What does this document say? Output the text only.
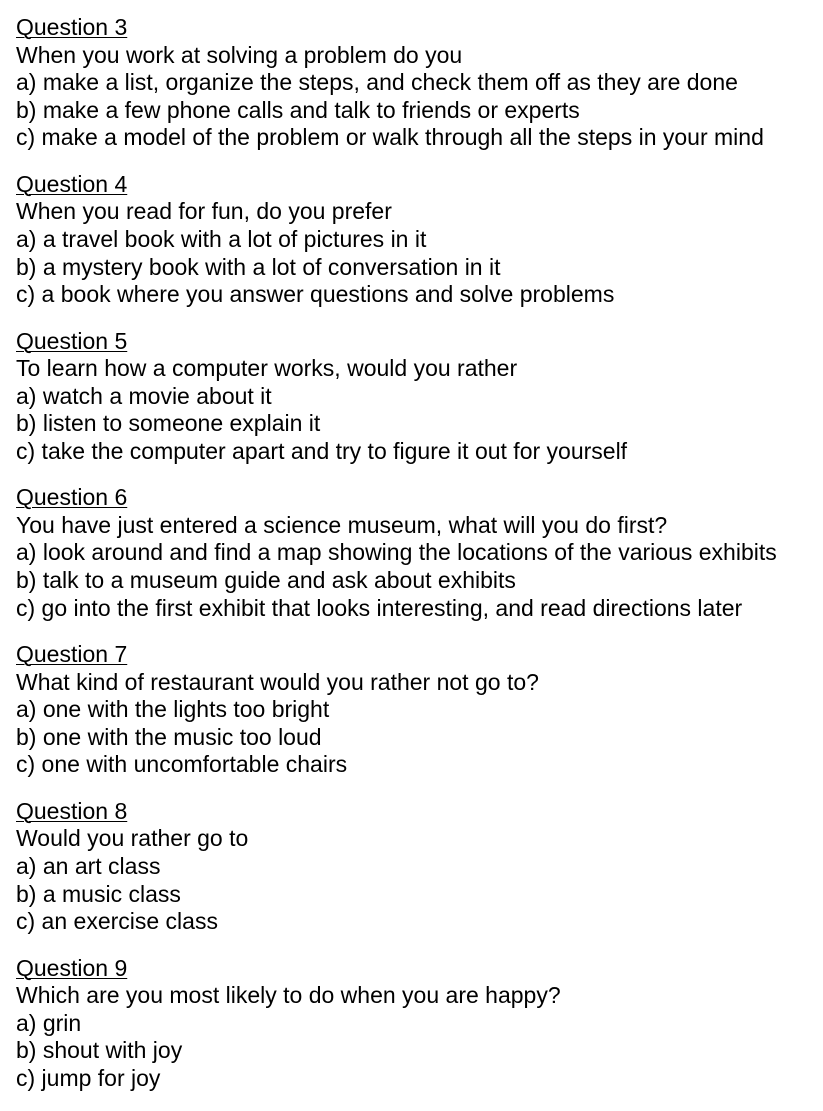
Question 3
When you work at solving a problem do you
a) make a list, organize the steps, and check them off as they are done
b) make a few phone calls and talk to friends or experts
c) make a model of the problem or walk through all the steps in your mind
Question 4
When you read for fun, do you prefer
a) a travel book with a lot of pictures in it
b) a mystery book with a lot of conversation in it
c) a book where you answer questions and solve problems
Question 5
To learn how a computer works, would you rather
a) watch a movie about it
b) listen to someone explain it
c) take the computer apart and try to figure it out for yourself
Question 6
You have just entered a science museum, what will you do first?
a) look around and find a map showing the locations of the various exhibits
b) talk to a museum guide and ask about exhibits
c) go into the first exhibit that looks interesting, and read directions later
Question 7
What kind of restaurant would you rather not go to?
a) one with the lights too bright
b) one with the music too loud
c) one with uncomfortable chairs
Question 8
Would you rather go to
a) an art class
b) a music class
c) an exercise class
Question 9
Which are you most likely to do when you are happy?
a) grin
b) shout with joy
c) jump for joy
